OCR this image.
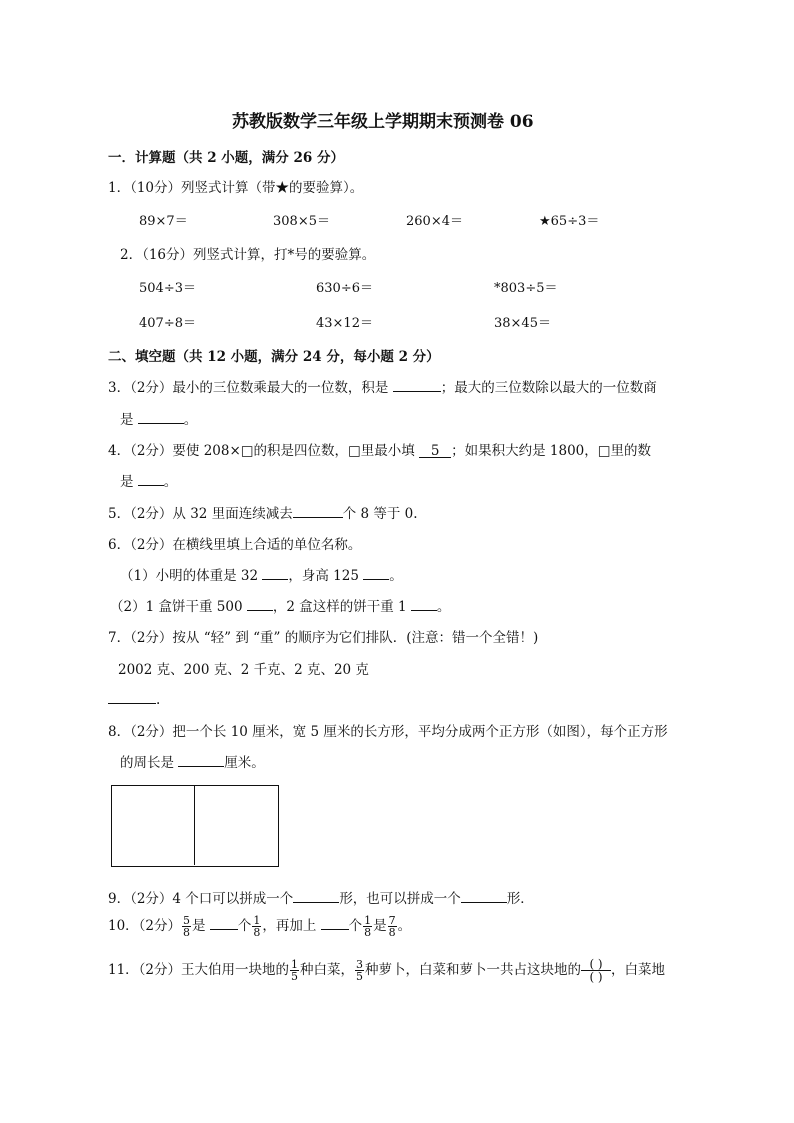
苏教版数学三年级上学期期末预测卷 06
一．计算题（共 2 小题，满分 26 分）
1．（10分）列竖式计算（带★的要验算）。
89×7＝	308×5＝	260×4＝	★65÷3＝
2．（16分）列竖式计算，打*号的要验算。
504÷3＝	630÷6＝	*803÷5＝
407÷8＝	43×12＝	38×45＝
二、填空题（共 12 小题，满分 24 分，每小题 2 分）
3．（2分）最小的三位数乘最大的一位数，积是	；最大的三位数除以最大的一位数商
是	。
4．（2分）要使 208×□的积是四位数，□里最小填 5 ；如果积大约是 1800，□里的数
是 。
5．（2分）从 32 里面连续减去	个 8 等于 0.
6．（2分）在横线里填上合适的单位名称。
（1）小明的体重是 32 ，身高 125 。
（2）1 盒饼干重 500 ，2 盒这样的饼干重 1 。
7．（2分）按从 “轻” 到 “重” 的顺序为它们排队．(注意：错一个全错！)
2002 克、200 克、2 千克、2 克、20 克
.
8．（2分）把一个长 10 厘米，宽 5 厘米的长方形，平均分成两个正方形（如图），每个正方形
的周长是	厘米。
9．（2分）4 个口可以拼成一个	形，也可以拼成一个	形．
10．（2分） $\frac{5}{8}$ 是 个 $\frac{1}{8}$ ，再加上 个 $\frac{1}{8}$ 是 $\frac{7}{8}$ 。
11．（2分）王大伯用一块地的 $\frac{1}{5}$ 种白菜， $\frac{3}{5}$ 种萝卜，白菜和萝卜一共占这块地的 $\frac{( )}{( )}$，白菜地
